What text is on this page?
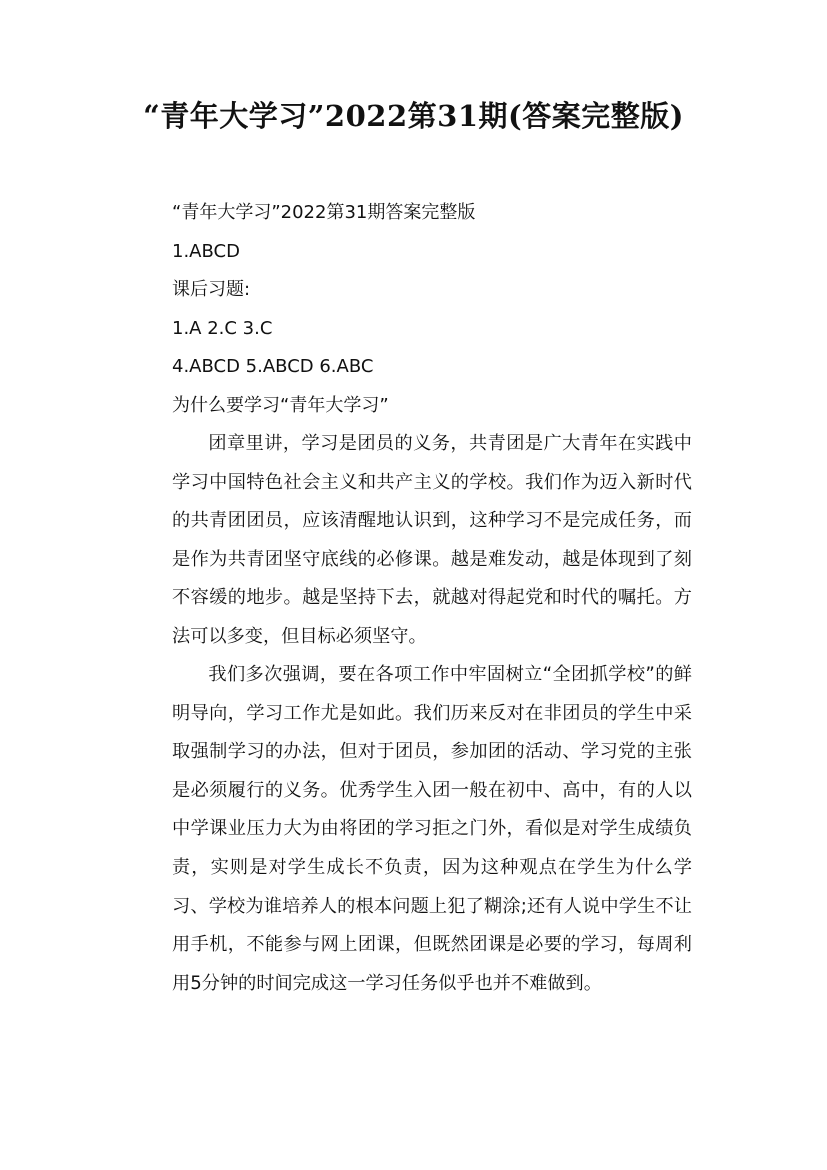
“青年大学习”2022第31期(答案完整版)
“青年大学习”2022第31期答案完整版
1.ABCD
课后习题:
1.A 2.C 3.C
4.ABCD 5.ABCD 6.ABC
为什么要学习“青年大学习”
团章里讲，学习是团员的义务，共青团是广大青年在实践中学习中国特色社会主义和共产主义的学校。我们作为迈入新时代的共青团团员，应该清醒地认识到，这种学习不是完成任务，而是作为共青团坚守底线的必修课。越是难发动，越是体现到了刻不容缓的地步。越是坚持下去，就越对得起党和时代的嘱托。方法可以多变，但目标必须坚守。
我们多次强调，要在各项工作中牢固树立“全团抓学校”的鲜明导向，学习工作尤是如此。我们历来反对在非团员的学生中采取强制学习的办法，但对于团员，参加团的活动、学习党的主张是必须履行的义务。优秀学生入团一般在初中、高中，有的人以中学课业压力大为由将团的学习拒之门外，看似是对学生成绩负责，实则是对学生成长不负责，因为这种观点在学生为什么学习、学校为谁培养人的根本问题上犯了糊涂;还有人说中学生不让用手机，不能参与网上团课，但既然团课是必要的学习，每周利用5分钟的时间完成这一学习任务似乎也并不难做到。
